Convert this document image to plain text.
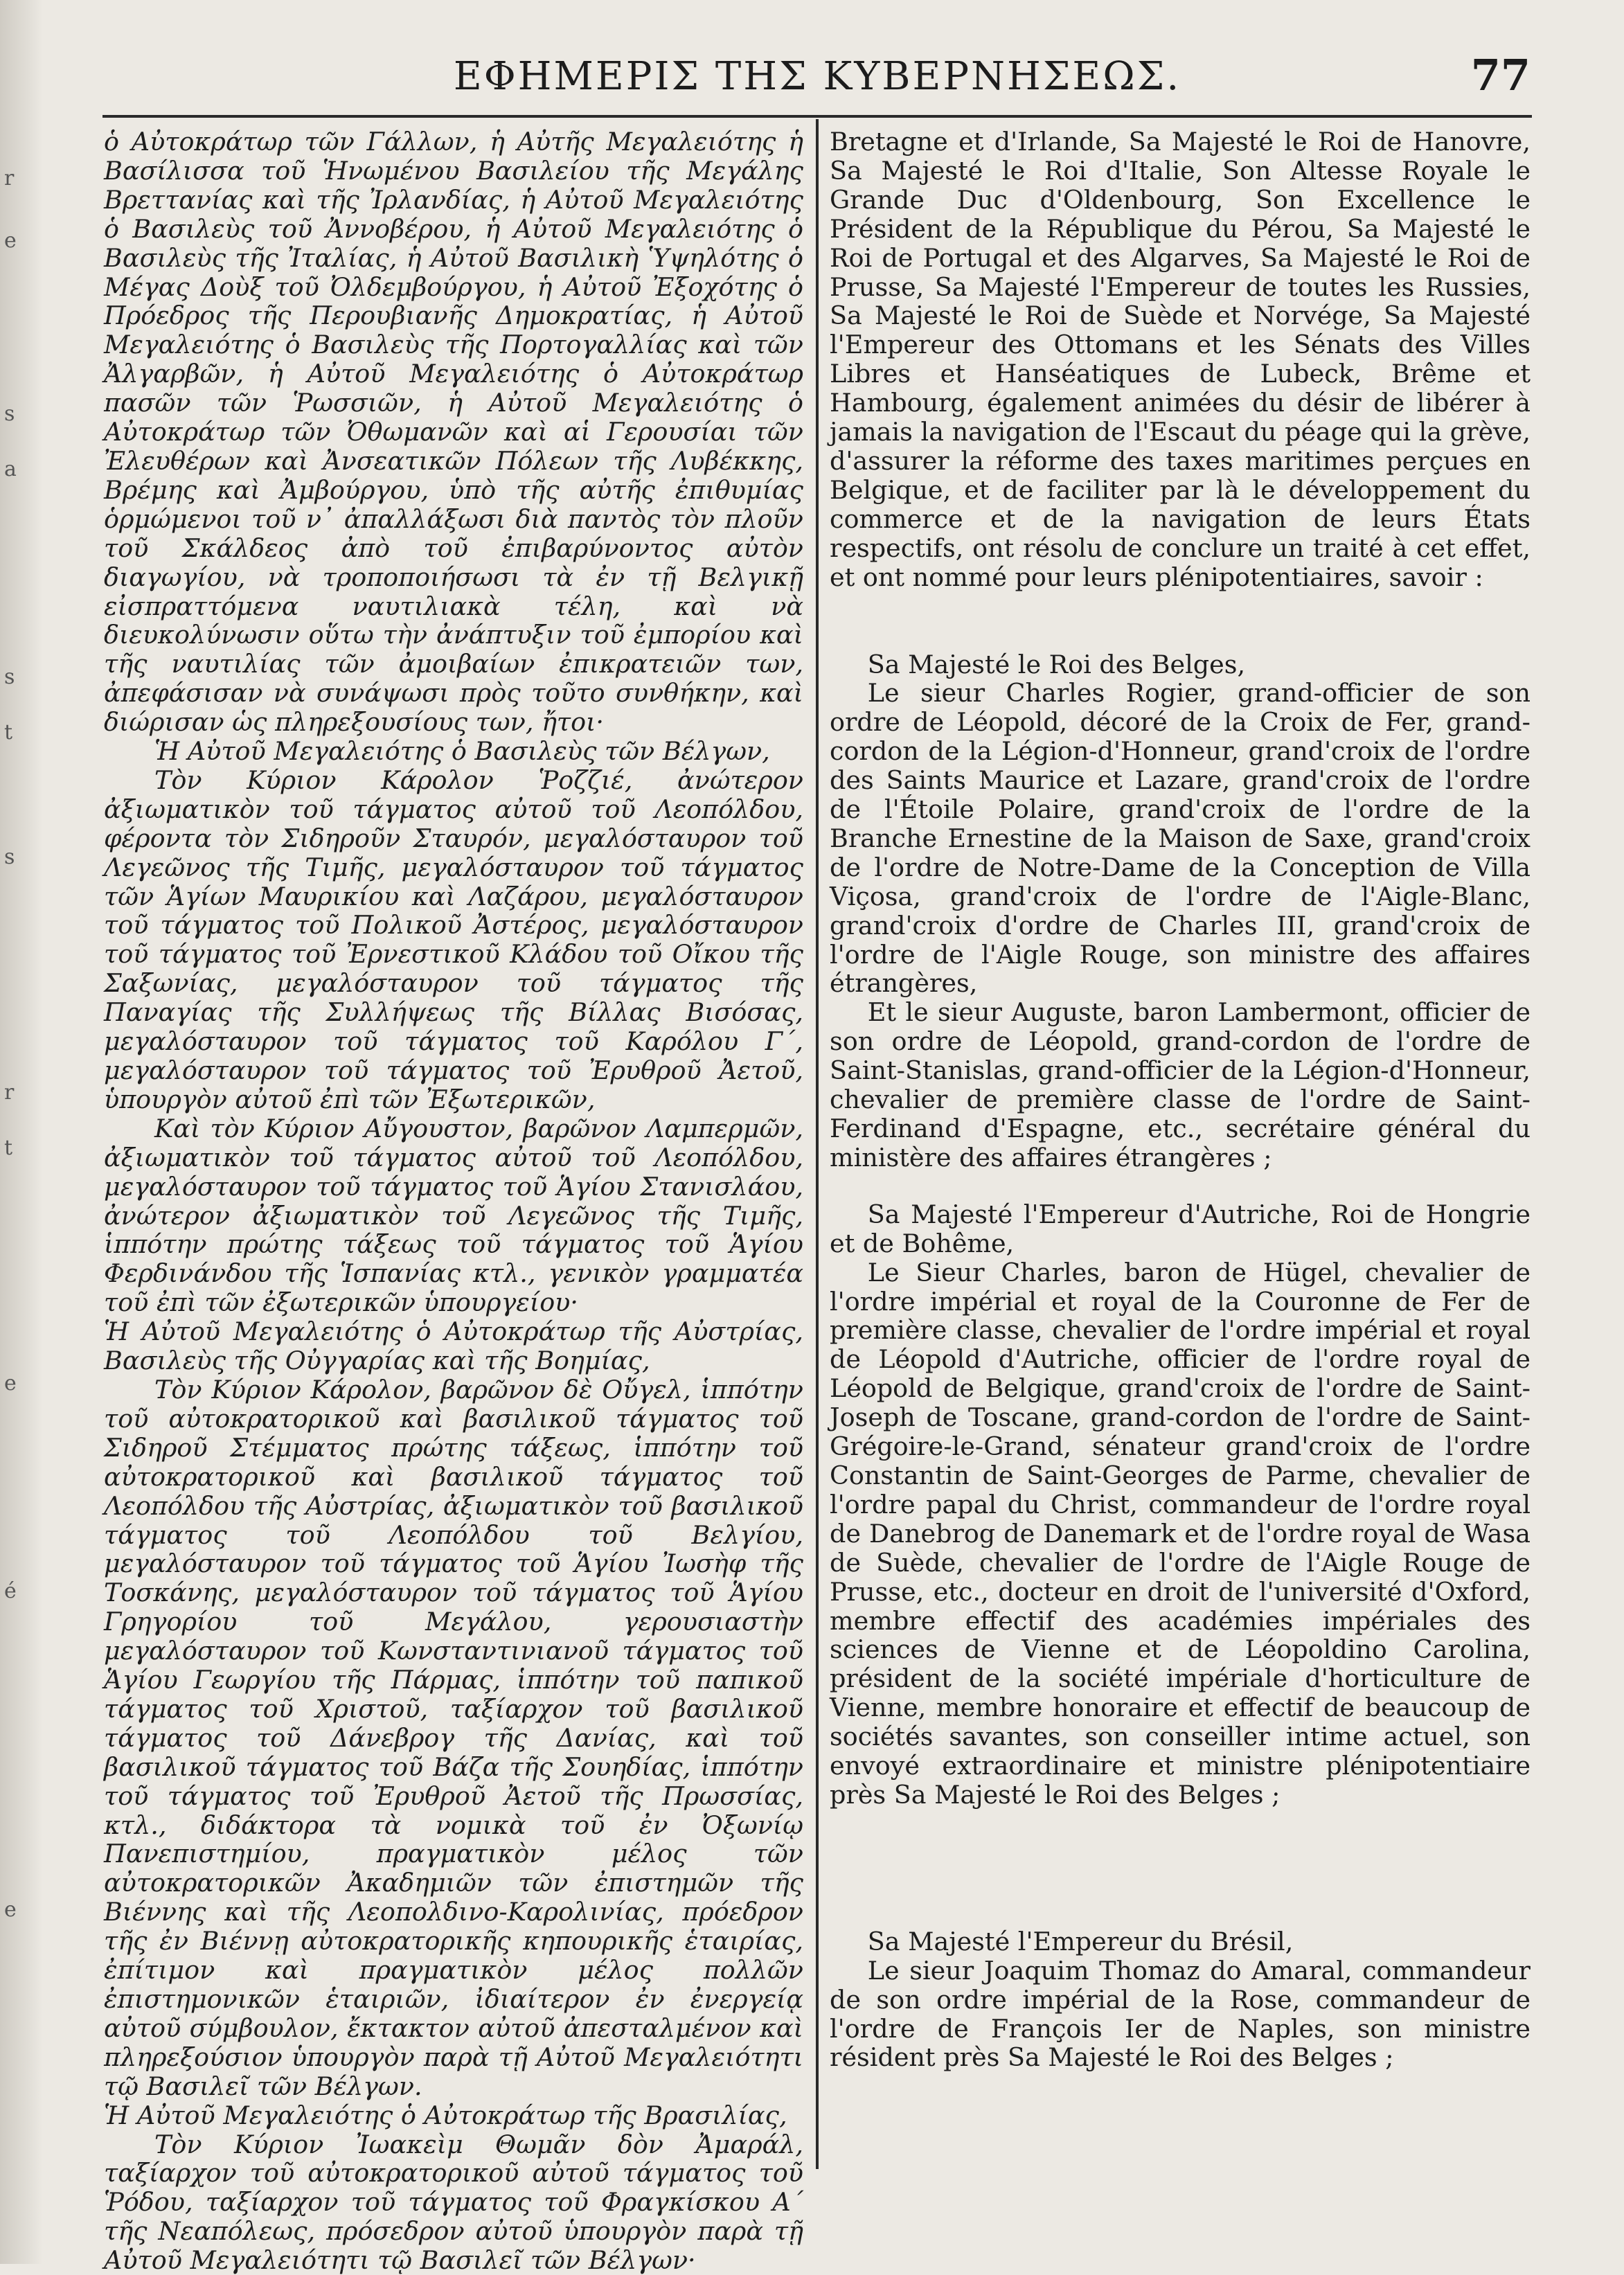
r
e
s
a
s
t
s
r
t
e
é
e
ΕΦΗΜΕΡΙΣ ΤΗΣ ΚΥΒΕΡΝΗΣΕΩΣ.	77

ὁ Αὐτοκράτωρ τῶν Γάλλων, ἡ Αὐτῆς Μεγαλειότης ἡ Βασίλισσα τοῦ Ἡνωμένου Βασιλείου τῆς Μεγάλης Βρεττανίας καὶ τῆς Ἰρλανδίας, ἡ Αὐτοῦ Μεγαλειότης ὁ Βασιλεὺς τοῦ Ἀννοβέρου, ἡ Αὐτοῦ Μεγαλειότης ὁ Βασιλεὺς τῆς Ἰταλίας, ἡ Αὐτοῦ Βασιλικὴ Ὑψηλότης ὁ Μέγας Δοὺξ τοῦ Ὀλδεμβούργου, ἡ Αὐτοῦ Ἐξοχότης ὁ Πρόεδρος τῆς Περουβιανῆς Δημοκρατίας, ἡ Αὐτοῦ Μεγαλειότης ὁ Βασιλεὺς τῆς Πορτογαλλίας καὶ τῶν Ἀλγαρβῶν, ἡ Αὐτοῦ Μεγαλειότης ὁ Αὐτοκράτωρ πασῶν τῶν Ῥωσσιῶν, ἡ Αὐτοῦ Μεγαλειότης ὁ Αὐτοκράτωρ τῶν Ὀθωμανῶν καὶ αἱ Γερουσίαι τῶν Ἐλευθέρων καὶ Ἀνσεατικῶν Πόλεων τῆς Λυβέκκης, Βρέμης καὶ Ἀμβούργου, ὑπὸ τῆς αὐτῆς ἐπιθυμίας ὁρμώμενοι τοῦ ν᾽ ἀπαλλάξωσι διὰ παντὸς τὸν πλοῦν τοῦ Σκάλδεος ἀπὸ τοῦ ἐπιβαρύνοντος αὐτὸν διαγωγίου, νὰ τροποποιήσωσι τὰ ἐν τῇ Βελγικῇ εἰσπραττόμενα ναυτιλιακὰ τέλη, καὶ νὰ διευκολύνωσιν οὕτω τὴν ἀνάπτυξιν τοῦ ἐμπορίου καὶ τῆς ναυτιλίας τῶν ἀμοιβαίων ἐπικρατειῶν των, ἀπεφάσισαν νὰ συνάψωσι πρὸς τοῦτο συνθήκην, καὶ διώρισαν ὡς πληρεξουσίους των, ἤτοι·

Ἡ Αὐτοῦ Μεγαλειότης ὁ Βασιλεὺς τῶν Βέλγων,

Τὸν Κύριον Κάρολον Ῥοζζιέ, ἀνώτερον ἀξιωματικὸν τοῦ τάγματος αὐτοῦ τοῦ Λεοπόλδου, φέροντα τὸν Σιδηροῦν Σταυρόν, μεγαλόσταυρον τοῦ Λεγεῶνος τῆς Τιμῆς, μεγαλόσταυρον τοῦ τάγματος τῶν Ἁγίων Μαυρικίου καὶ Λαζάρου, μεγαλόσταυρον τοῦ τάγματος τοῦ Πολικοῦ Ἀστέρος, μεγαλόσταυρον τοῦ τάγματος τοῦ Ἐρνεστικοῦ Κλάδου τοῦ Οἴκου τῆς Σαξωνίας, μεγαλόσταυρον τοῦ τάγματος τῆς Παναγίας τῆς Συλλήψεως τῆς Βίλλας Βισόσας, μεγαλόσταυρον τοῦ τάγματος τοῦ Καρόλου Γ΄, μεγαλόσταυρον τοῦ τάγματος τοῦ Ἐρυθροῦ Ἀετοῦ, ὑπουργὸν αὐτοῦ ἐπὶ τῶν Ἐξωτερικῶν,

Καὶ τὸν Κύριον Αὔγουστον, βαρῶνον Λαμπερμῶν, ἀξιωματικὸν τοῦ τάγματος αὐτοῦ τοῦ Λεοπόλδου, μεγαλόσταυρον τοῦ τάγματος τοῦ Ἁγίου Στανισλάου, ἀνώτερον ἀξιωματικὸν τοῦ Λεγεῶνος τῆς Τιμῆς, ἱππότην πρώτης τάξεως τοῦ τάγματος τοῦ Ἁγίου Φερδινάνδου τῆς Ἱσπανίας κτλ., γενικὸν γραμματέα τοῦ ἐπὶ τῶν ἐξωτερικῶν ὑπουργείου·

Ἡ Αὐτοῦ Μεγαλειότης ὁ Αὐτοκράτωρ τῆς Αὐστρίας, Βασιλεὺς τῆς Οὐγγαρίας καὶ τῆς Βοημίας,

Τὸν Κύριον Κάρολον, βαρῶνον δὲ Οὔγελ, ἱππότην τοῦ αὐτοκρατορικοῦ καὶ βασιλικοῦ τάγματος τοῦ Σιδηροῦ Στέμματος πρώτης τάξεως, ἱππότην τοῦ αὐτοκρατορικοῦ καὶ βασιλικοῦ τάγματος τοῦ Λεοπόλδου τῆς Αὐστρίας, ἀξιωματικὸν τοῦ βασιλικοῦ τάγματος τοῦ Λεοπόλδου τοῦ Βελγίου, μεγαλόσταυρον τοῦ τάγματος τοῦ Ἁγίου Ἰωσὴφ τῆς Τοσκάνης, μεγαλόσταυρον τοῦ τάγματος τοῦ Ἁγίου Γρηγορίου τοῦ Μεγάλου, γερουσιαστὴν μεγαλόσταυρον τοῦ Κωνσταντινιανοῦ τάγματος τοῦ Ἁγίου Γεωργίου τῆς Πάρμας, ἱππότην τοῦ παπικοῦ τάγματος τοῦ Χριστοῦ, ταξίαρχον τοῦ βασιλικοῦ τάγματος τοῦ Δάνεβρογ τῆς Δανίας, καὶ τοῦ βασιλικοῦ τάγματος τοῦ Βάζα τῆς Σουηδίας, ἱππότην τοῦ τάγματος τοῦ Ἐρυθροῦ Ἀετοῦ τῆς Πρωσσίας, κτλ., διδάκτορα τὰ νομικὰ τοῦ ἐν Ὀξωνίῳ Πανεπιστημίου, πραγματικὸν μέλος τῶν αὐτοκρατορικῶν Ἀκαδημιῶν τῶν ἐπιστημῶν τῆς Βιέννης καὶ τῆς Λεοπολδινο-Καρολινίας, πρόεδρον τῆς ἐν Βιέννῃ αὐτοκρατορικῆς κηπουρικῆς ἑταιρίας, ἐπίτιμον καὶ πραγματικὸν μέλος πολλῶν ἐπιστημονικῶν ἑταιριῶν, ἰδιαίτερον ἐν ἐνεργείᾳ αὐτοῦ σύμβουλον, ἔκτακτον αὐτοῦ ἀπεσταλμένον καὶ πληρεξούσιον ὑπουργὸν παρὰ τῇ Αὐτοῦ Μεγαλειότητι τῷ Βασιλεῖ τῶν Βέλγων.

Ἡ Αὐτοῦ Μεγαλειότης ὁ Αὐτοκράτωρ τῆς Βρασιλίας,

Τὸν Κύριον Ἰωακεὶμ Θωμᾶν δὸν Ἀμαράλ, ταξίαρχον τοῦ αὐτοκρατορικοῦ αὐτοῦ τάγματος τοῦ Ῥόδου, ταξίαρχον τοῦ τάγματος τοῦ Φραγκίσκου Α΄ τῆς Νεαπόλεως, πρόσεδρον αὐτοῦ ὑπουργὸν παρὰ τῇ Αὐτοῦ Μεγαλειότητι τῷ Βασιλεῖ τῶν Βέλγων·

Bretagne et d'Irlande, Sa Majesté le Roi de Hanovre, Sa Majesté le Roi d'Italie, Son Altesse Royale le Grande Duc d'Oldenbourg, Son Excellence le Président de la République du Pérou, Sa Majesté le Roi de Portugal et des Algarves, Sa Majesté le Roi de Prusse, Sa Majesté l'Empereur de toutes les Russies, Sa Majesté le Roi de Suède et Norvége, Sa Majesté l'Empereur des Ottomans et les Sénats des Villes Libres et Hanséatiques de Lubeck, Brême et Hambourg, également animées du désir de libérer à jamais la navigation de l'Escaut du péage qui la grève, d'assurer la réforme des taxes maritimes perçues en Belgique, et de faciliter par là le développement du commerce et de la navigation de leurs États respectifs, ont résolu de conclure un traité à cet effet, et ont nommé pour leurs plénipotentiaires, savoir :

Sa Majesté le Roi des Belges,

Le sieur Charles Rogier, grand-officier de son ordre de Léopold, décoré de la Croix de Fer, grand-cordon de la Légion-d'Honneur, grand'croix de l'ordre des Saints Maurice et Lazare, grand'croix de l'ordre de l'Étoile Polaire, grand'croix de l'ordre de la Branche Ernestine de la Maison de Saxe, grand'croix de l'ordre de Notre-Dame de la Conception de Villa Viçosa, grand'croix de l'ordre de l'Aigle-Blanc, grand'croix d'ordre de Charles III, grand'croix de l'ordre de l'Aigle Rouge, son ministre des affaires étrangères,

Et le sieur Auguste, baron Lambermont, officier de son ordre de Léopold, grand-cordon de l'ordre de Saint-Stanislas, grand-officier de la Légion-d'Honneur, chevalier de première classe de l'ordre de Saint-Ferdinand d'Espagne, etc., secrétaire général du ministère des affaires étrangères ;

Sa Majesté l'Empereur d'Autriche, Roi de Hongrie et de Bohême,

Le Sieur Charles, baron de Hügel, chevalier de l'ordre impérial et royal de la Couronne de Fer de première classe, chevalier de l'ordre impérial et royal de Léopold d'Autriche, officier de l'ordre royal de Léopold de Belgique, grand'croix de l'ordre de Saint-Joseph de Toscane, grand-cordon de l'ordre de Saint-Grégoire-le-Grand, sénateur grand'croix de l'ordre Constantin de Saint-Georges de Parme, chevalier de l'ordre papal du Christ, commandeur de l'ordre royal de Danebrog de Danemark et de l'ordre royal de Wasa de Suède, chevalier de l'ordre de l'Aigle Rouge de Prusse, etc., docteur en droit de l'université d'Oxford, membre effectif des académies impériales des sciences de Vienne et de Léopoldino Carolina, président de la société impériale d'horticulture de Vienne, membre honoraire et effectif de beaucoup de sociétés savantes, son conseiller intime actuel, son envoyé extraordinaire et ministre plénipotentiaire près Sa Majesté le Roi des Belges ;

Sa Majesté l'Empereur du Brésil,

Le sieur Joaquim Thomaz do Amaral, commandeur de son ordre impérial de la Rose, commandeur de l'ordre de François Ier de Naples, son ministre résident près Sa Majesté le Roi des Belges ;
